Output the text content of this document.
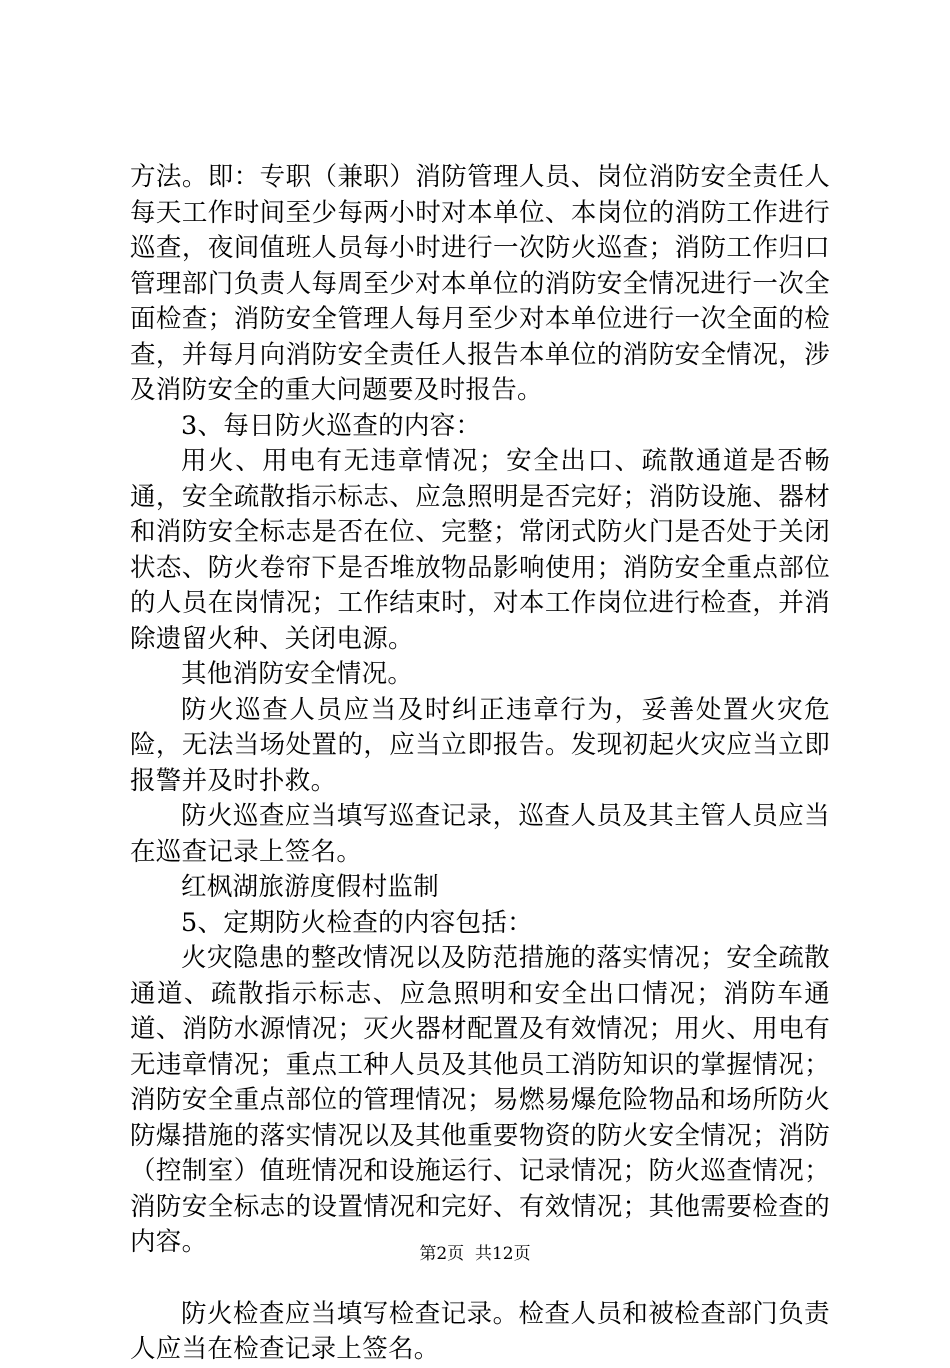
方法。即：专职（兼职）消防管理人员、岗位消防安全责任人每天工作时间至少每两小时对本单位、本岗位的消防工作进行巡查，夜间值班人员每小时进行一次防火巡查；消防工作归口管理部门负责人每周至少对本单位的消防安全情况进行一次全面检查；消防安全管理人每月至少对本单位进行一次全面的检查，并每月向消防安全责任人报告本单位的消防安全情况，涉及消防安全的重大问题要及时报告。

3、每日防火巡查的内容：

用火、用电有无违章情况；安全出口、疏散通道是否畅通，安全疏散指示标志、应急照明是否完好；消防设施、器材和消防安全标志是否在位、完整；常闭式防火门是否处于关闭状态、防火卷帘下是否堆放物品影响使用；消防安全重点部位的人员在岗情况；工作结束时，对本工作岗位进行检查，并消除遗留火种、关闭电源。

其他消防安全情况。

防火巡查人员应当及时纠正违章行为，妥善处置火灾危险，无法当场处置的，应当立即报告。发现初起火灾应当立即报警并及时扑救。

防火巡查应当填写巡查记录，巡查人员及其主管人员应当在巡查记录上签名。

红枫湖旅游度假村监制

5、定期防火检查的内容包括：

火灾隐患的整改情况以及防范措施的落实情况；安全疏散通道、疏散指示标志、应急照明和安全出口情况；消防车通道、消防水源情况；灭火器材配置及有效情况；用火、用电有无违章情况；重点工种人员及其他员工消防知识的掌握情况；消防安全重点部位的管理情况；易燃易爆危险物品和场所防火防爆措施的落实情况以及其他重要物资的防火安全情况；消防（控制室）值班情况和设施运行、记录情况；防火巡查情况；消防安全标志的设置情况和完好、有效情况；其他需要检查的内容。

防火检查应当填写检查记录。检查人员和被检查部门负责人应当在检查记录上签名。

第2页  共12页
